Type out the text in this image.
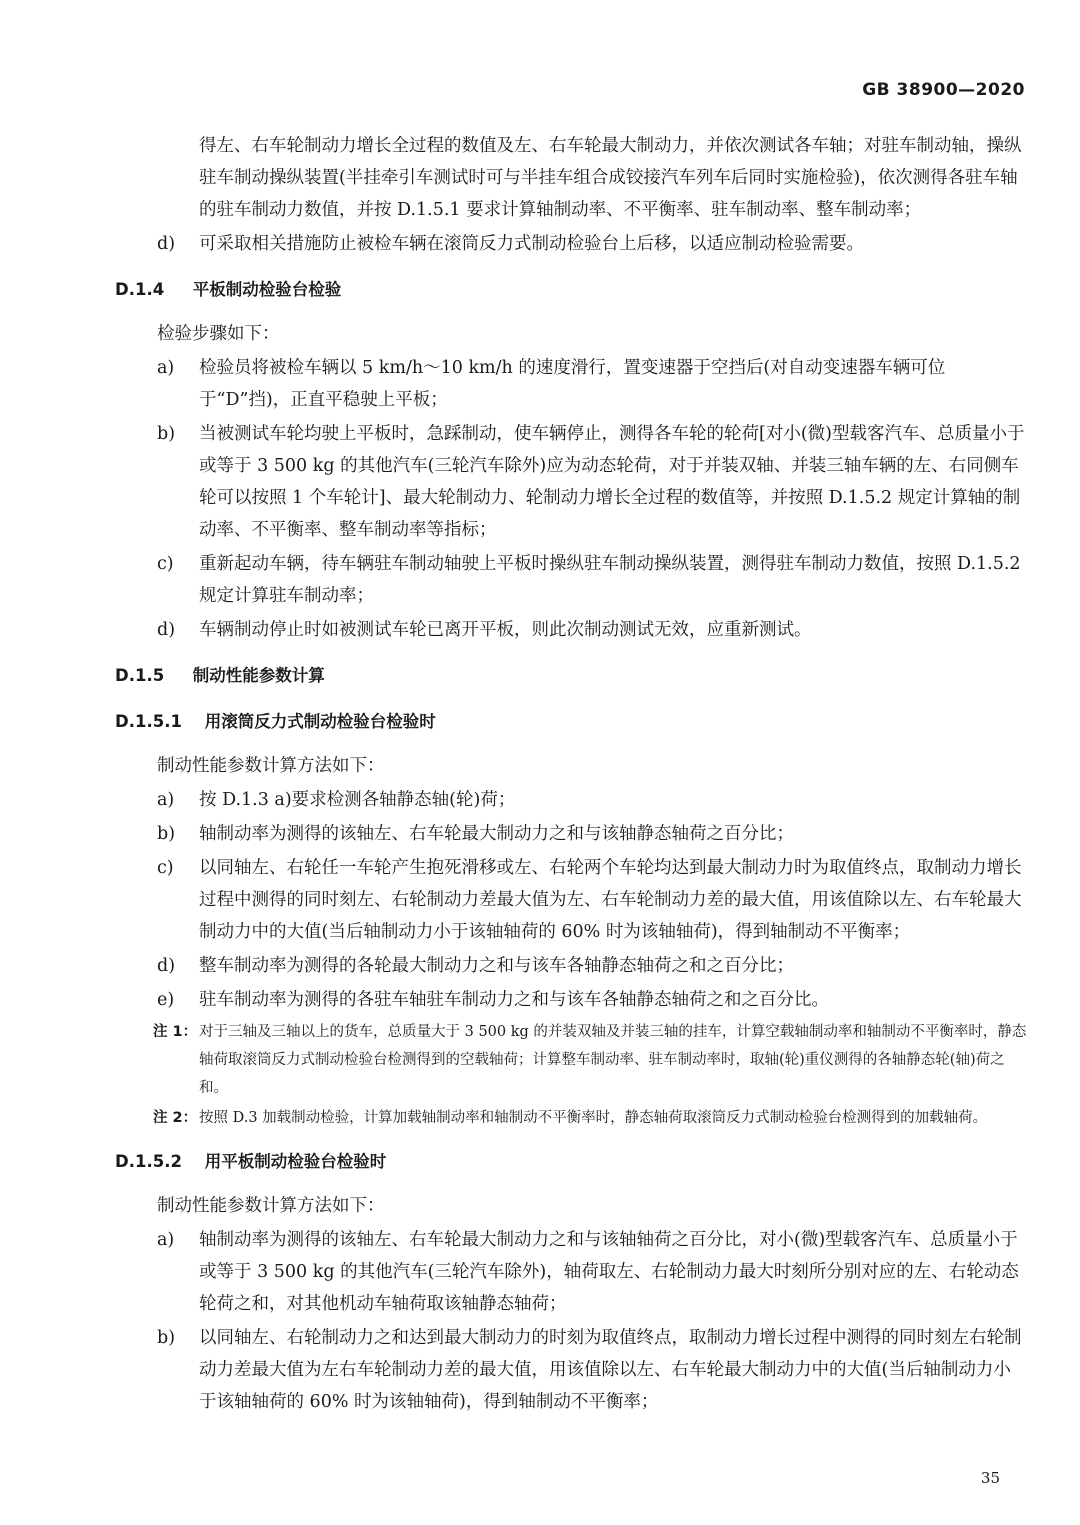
GB 38900—2020
得左、右车轮制动力增长全过程的数值及左、右车轮最大制动力，并依次测试各车轴；对驻车制动轴，操纵驻车制动操纵装置(半挂牵引车测试时可与半挂车组合成铰接汽车列车后同时实施检验)，依次测得各驻车轴的驻车制动力数值，并按 D.1.5.1 要求计算轴制动率、不平衡率、驻车制动率、整车制动率；
d) 可采取相关措施防止被检车辆在滚筒反力式制动检验台上后移，以适应制动检验需要。
D.1.4 平板制动检验台检验
检验步骤如下：
a) 检验员将被检车辆以 5 km/h～10 km/h 的速度滑行，置变速器于空挡后(对自动变速器车辆可位于“D”挡)，正直平稳驶上平板；
b) 当被测试车轮均驶上平板时，急踩制动，使车辆停止，测得各车轮的轮荷[对小(微)型载客汽车、总质量小于或等于 3 500 kg 的其他汽车(三轮汽车除外)应为动态轮荷，对于并装双轴、并装三轴车辆的左、右同侧车轮可以按照 1 个车轮计]、最大轮制动力、轮制动力增长全过程的数值等，并按照 D.1.5.2 规定计算轴的制动率、不平衡率、整车制动率等指标；
c) 重新起动车辆，待车辆驻车制动轴驶上平板时操纵驻车制动操纵装置，测得驻车制动力数值，按照 D.1.5.2 规定计算驻车制动率；
d) 车辆制动停止时如被测试车轮已离开平板，则此次制动测试无效，应重新测试。
D.1.5 制动性能参数计算
D.1.5.1 用滚筒反力式制动检验台检验时
制动性能参数计算方法如下：
a) 按 D.1.3 a)要求检测各轴静态轴(轮)荷；
b) 轴制动率为测得的该轴左、右车轮最大制动力之和与该轴静态轴荷之百分比；
c) 以同轴左、右轮任一车轮产生抱死滑移或左、右轮两个车轮均达到最大制动力时为取值终点，取制动力增长过程中测得的同时刻左、右轮制动力差最大值为左、右车轮制动力差的最大值，用该值除以左、右车轮最大制动力中的大值(当后轴制动力小于该轴轴荷的 60% 时为该轴轴荷)，得到轴制动不平衡率；
d) 整车制动率为测得的各轮最大制动力之和与该车各轴静态轴荷之和之百分比；
e) 驻车制动率为测得的各驻车轴驻车制动力之和与该车各轴静态轴荷之和之百分比。
注 1： 对于三轴及三轴以上的货车，总质量大于 3 500 kg 的并装双轴及并装三轴的挂车，计算空载轴制动率和轴制动不平衡率时，静态轴荷取滚筒反力式制动检验台检测得到的空载轴荷；计算整车制动率、驻车制动率时，取轴(轮)重仪测得的各轴静态轮(轴)荷之和。
注 2： 按照 D.3 加载制动检验，计算加载轴制动率和轴制动不平衡率时，静态轴荷取滚筒反力式制动检验台检测得到的加载轴荷。
D.1.5.2 用平板制动检验台检验时
制动性能参数计算方法如下：
a) 轴制动率为测得的该轴左、右车轮最大制动力之和与该轴轴荷之百分比，对小(微)型载客汽车、总质量小于或等于 3 500 kg 的其他汽车(三轮汽车除外)，轴荷取左、右轮制动力最大时刻所分别对应的左、右轮动态轮荷之和，对其他机动车轴荷取该轴静态轴荷；
b) 以同轴左、右轮制动力之和达到最大制动力的时刻为取值终点，取制动力增长过程中测得的同时刻左右轮制动力差最大值为左右车轮制动力差的最大值，用该值除以左、右车轮最大制动力中的大值(当后轴制动力小于该轴轴荷的 60% 时为该轴轴荷)，得到轴制动不平衡率；
35
